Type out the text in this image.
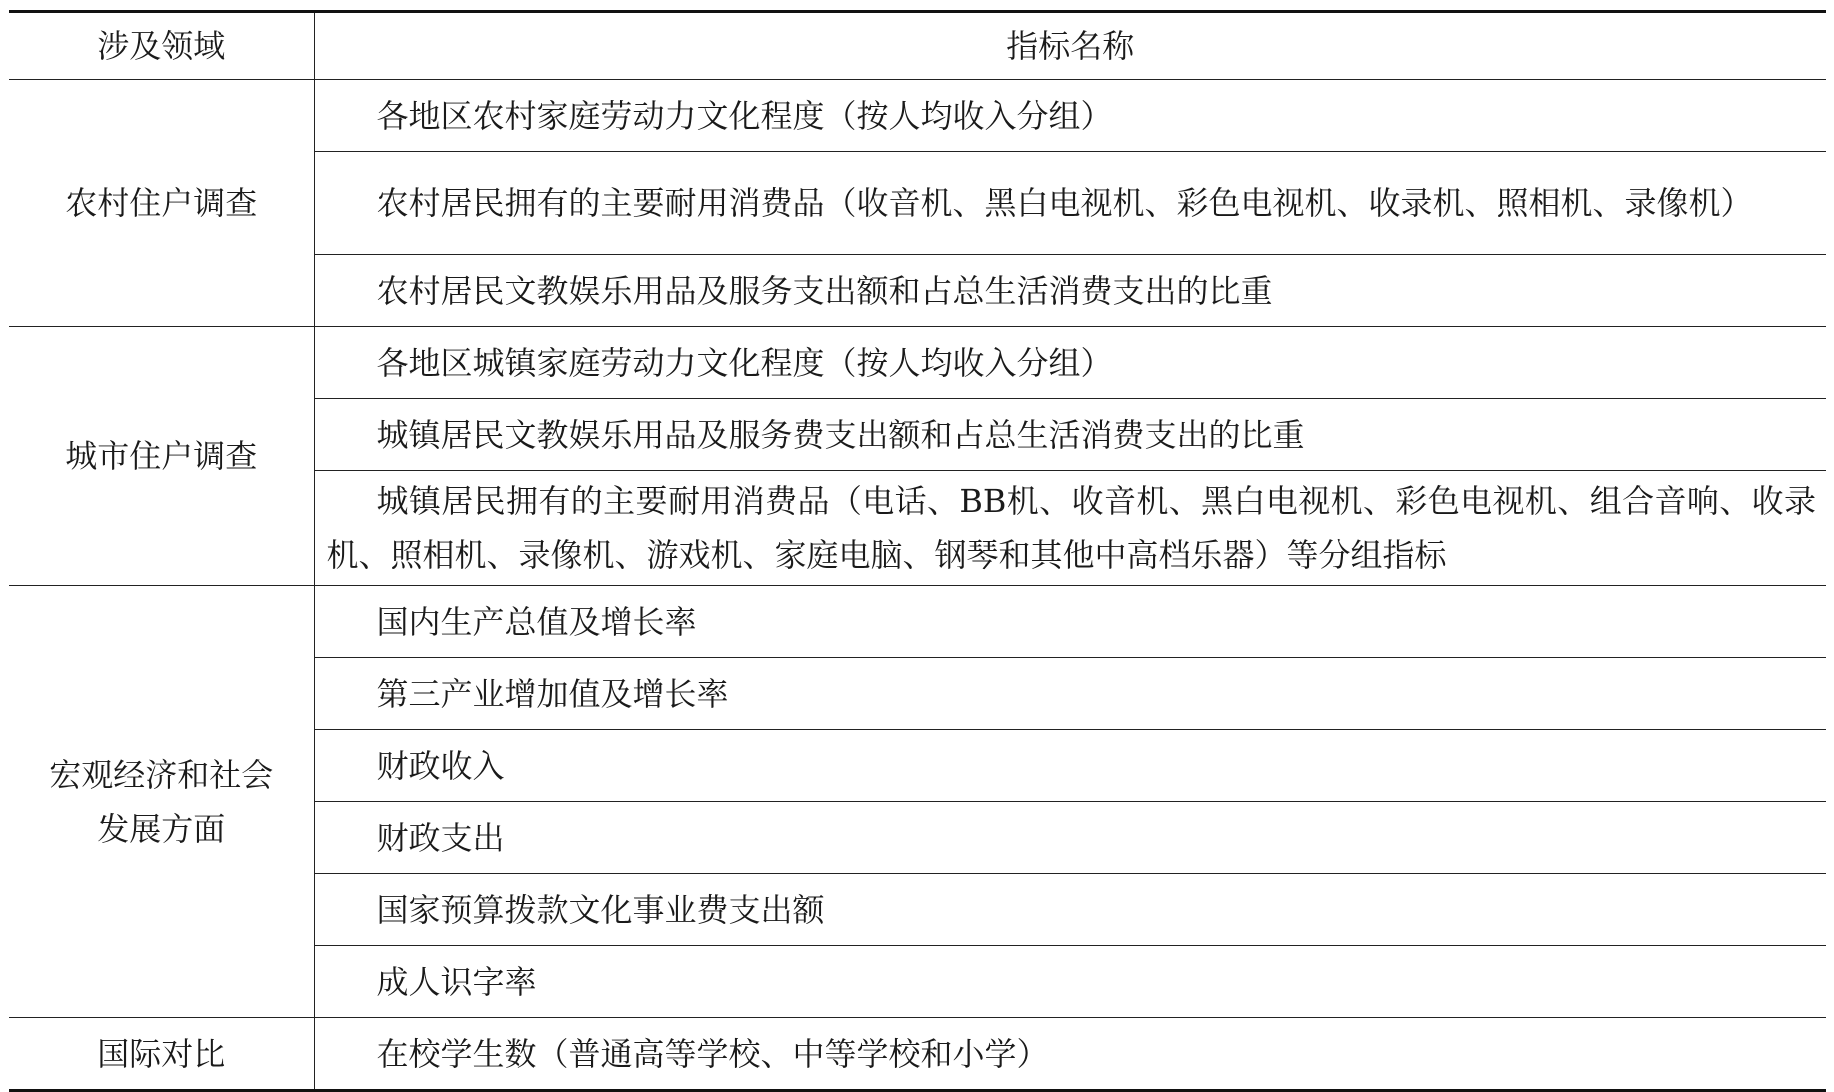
涉及领域	指标名称
农村住户调查	各地区农村家庭劳动力文化程度（按人均收入分组）
	农村居民拥有的主要耐用消费品（收音机、黑白电视机、彩色电视机、收录机、照相机、录像机）
	农村居民文教娱乐用品及服务支出额和占总生活消费支出的比重
城市住户调查	各地区城镇家庭劳动力文化程度（按人均收入分组）
	城镇居民文教娱乐用品及服务费支出额和占总生活消费支出的比重
	城镇居民拥有的主要耐用消费品（电话、BB机、收音机、黑白电视机、彩色电视机、组合音响、收录机、照相机、录像机、游戏机、家庭电脑、钢琴和其他中高档乐器）等分组指标
宏观经济和社会发展方面	国内生产总值及增长率
	第三产业增加值及增长率
	财政收入
	财政支出
	国家预算拨款文化事业费支出额
	成人识字率
国际对比	在校学生数（普通高等学校、中等学校和小学）
